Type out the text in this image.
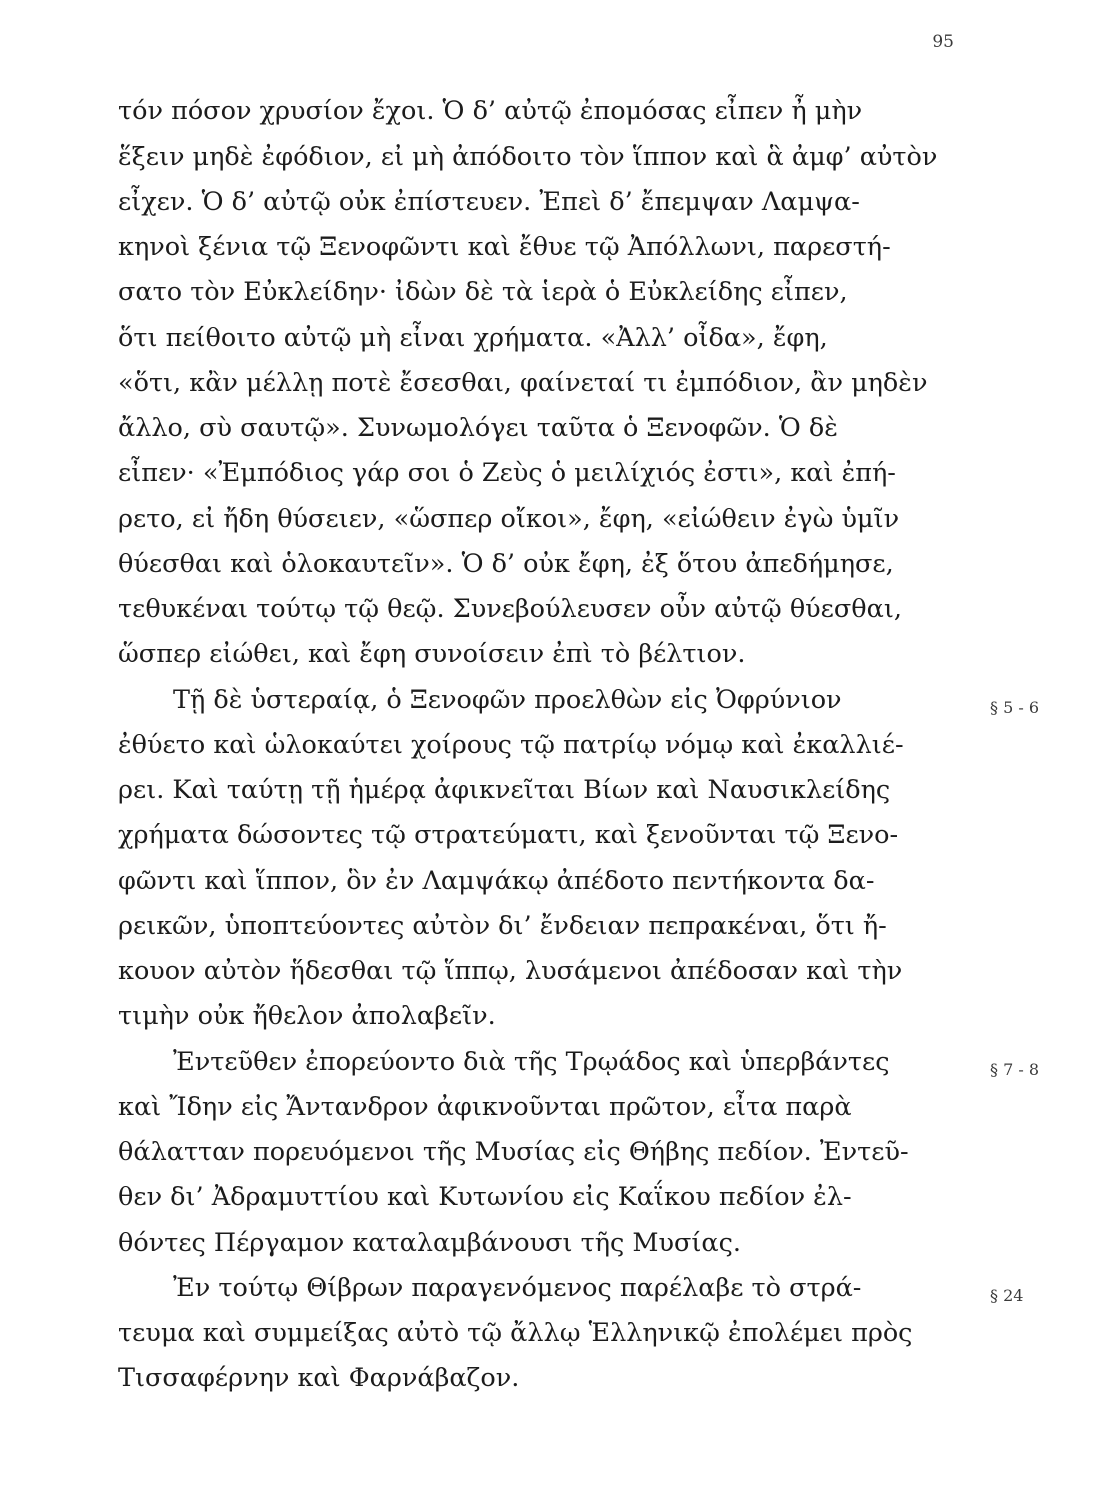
95
τόν πόσον χρυσίον ἔχοι. Ὁ δ’ αὐτῷ ἐπομόσας εἶπεν ἦ μὴν
ἕξειν μηδὲ ἐφόδιον, εἰ μὴ ἀπόδοιτο τὸν ἵππον καὶ ἃ ἀμφ’ αὐτὸν
εἶχεν. Ὁ δ’ αὐτῷ οὐκ ἐπίστευεν. Ἐπεὶ δ’ ἔπεμψαν Λαμψα-
κηνοὶ ξένια τῷ Ξενοφῶντι καὶ ἔθυε τῷ Ἀπόλλωνι, παρεστή-
σατο τὸν Εὐκλείδην· ἰδὼν δὲ τὰ ἱερὰ ὁ Εὐκλείδης εἶπεν,
ὅτι πείθοιτο αὐτῷ μὴ εἶναι χρήματα. «Ἀλλ’ οἶδα», ἔφη,
«ὅτι, κἂν μέλλῃ ποτὲ ἔσεσθαι, φαίνεταί τι ἐμπόδιον, ἂν μηδὲν
ἄλλο, σὺ σαυτῷ». Συνωμολόγει ταῦτα ὁ Ξενοφῶν. Ὁ δὲ
εἶπεν· «Ἐμπόδιος γάρ σοι ὁ Ζεὺς ὁ μειλίχιός ἐστι», καὶ ἐπή-
ρετο, εἰ ἤδη θύσειεν, «ὥσπερ οἴκοι», ἔφη, «εἰώθειν ἐγὼ ὑμῖν
θύεσθαι καὶ ὁλοκαυτεῖν». Ὁ δ’ οὐκ ἔφη, ἐξ ὅτου ἀπεδήμησε,
τεθυκέναι τούτῳ τῷ θεῷ. Συνεβούλευσεν οὖν αὐτῷ θύεσθαι,
ὥσπερ εἰώθει, καὶ ἔφη συνοίσειν ἐπὶ τὸ βέλτιον.
Τῇ δὲ ὑστεραίᾳ, ὁ Ξενοφῶν προελθὼν εἰς Ὀφρύνιον
ἐθύετο καὶ ὡλοκαύτει χοίρους τῷ πατρίῳ νόμῳ καὶ ἐκαλλιέ-
ρει. Καὶ ταύτῃ τῇ ἡμέρᾳ ἀφικνεῖται Βίων καὶ Ναυσικλείδης
χρήματα δώσοντες τῷ στρατεύματι, καὶ ξενοῦνται τῷ Ξενο-
φῶντι καὶ ἵππον, ὃν ἐν Λαμψάκῳ ἀπέδοτο πεντήκοντα δα-
ρεικῶν, ὑποπτεύοντες αὐτὸν δι’ ἔνδειαν πεπρακέναι, ὅτι ἤ-
κουον αὐτὸν ἥδεσθαι τῷ ἵππῳ, λυσάμενοι ἀπέδοσαν καὶ τὴν
τιμὴν οὐκ ἤθελον ἀπολαβεῖν.
Ἐντεῦθεν ἐπορεύοντο διὰ τῆς Τρῳάδος καὶ ὑπερβάντες
καὶ Ἴδην εἰς Ἄντανδρον ἀφικνοῦνται πρῶτον, εἶτα παρὰ
θάλατταν πορευόμενοι τῆς Μυσίας εἰς Θήβης πεδίον. Ἐντεῦ-
θεν δι’ Ἀδραμυττίου καὶ Κυτωνίου εἰς Καΐκου πεδίον ἐλ-
θόντες Πέργαμον καταλαμβάνουσι τῆς Μυσίας.
Ἐν τούτῳ Θίβρων παραγενόμενος παρέλαβε τὸ στρά-
τευμα καὶ συμμείξας αὐτὸ τῷ ἄλλῳ Ἑλληνικῷ ἐπολέμει πρὸς
Τισσαφέρνην καὶ Φαρνάβαζον.
§ 5 - 6
§ 7 - 8
§ 24
